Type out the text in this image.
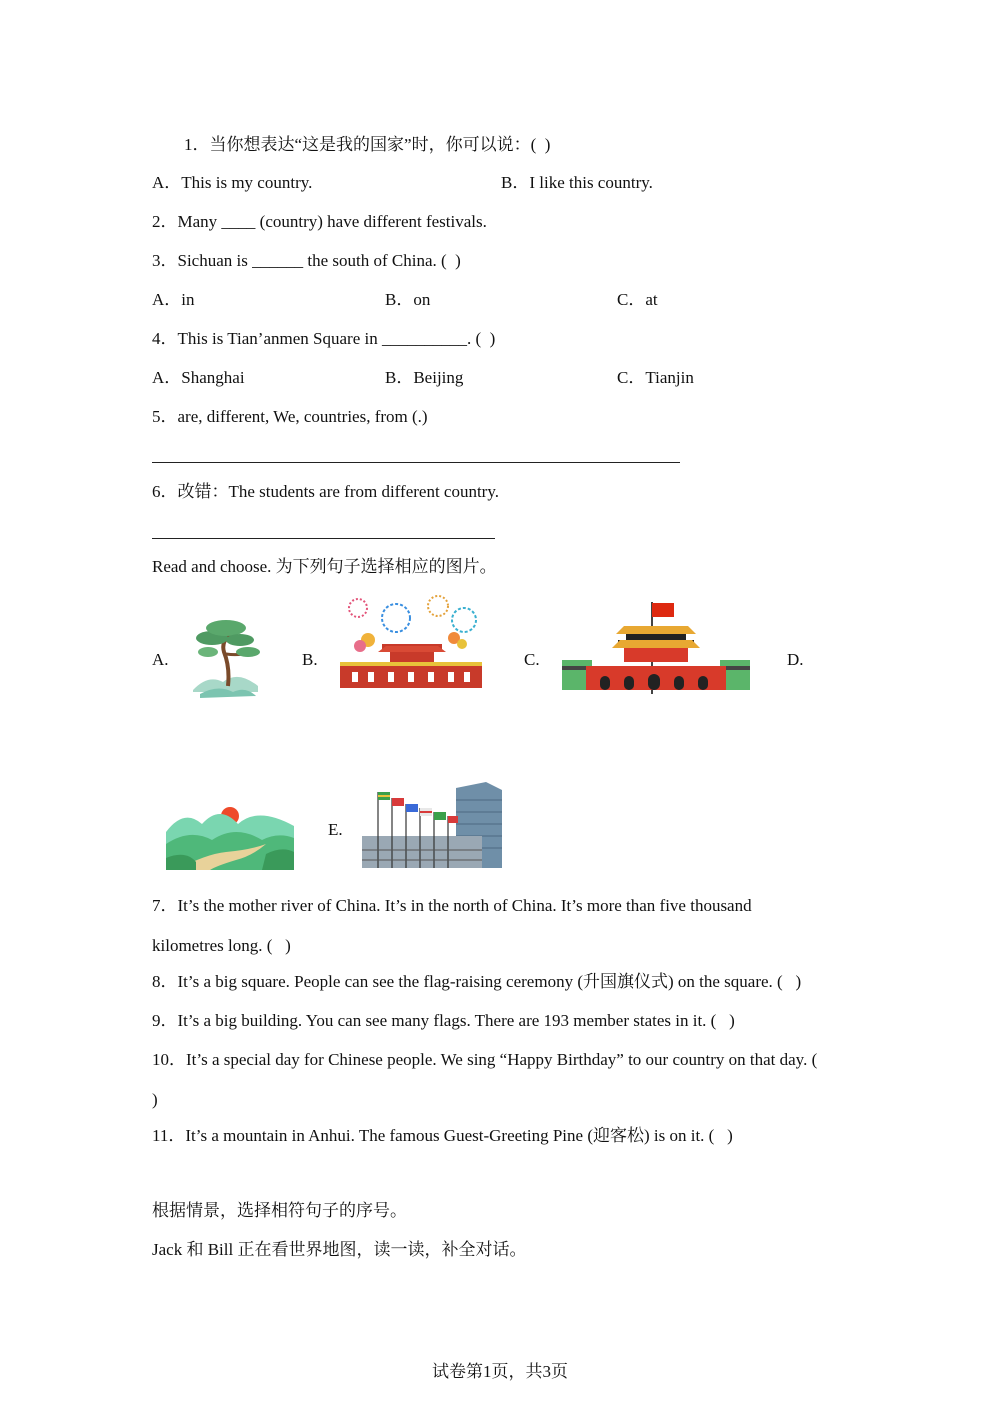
1．当你想表达“这是我的国家”时，你可以说：(  )
A．This is my country.	B．I like this country.
2．Many ____ (country) have different festivals.
3．Sichuan is ______ the south of China. (  )
A．in	B．on	C．at
4．This is Tian’anmen Square in __________. (  )
A．Shanghai	B．Beijing	C．Tianjin
5．are, different, We, countries, from (.)
6．改错：The students are from different country.
Read and choose. 为下列句子选择相应的图片。
A.	B.	C.	D.
E.
7．It’s the mother river of China. It’s in the north of China. It’s more than five thousand
kilometres long. (   )
8．It’s a big square. People can see the flag-raising ceremony (升国旗仪式) on the square. (   )
9．It’s a big building. You can see many flags. There are 193 member states in it. (   )
10．It’s a special day for Chinese people. We sing “Happy Birthday” to our country on that day. (
)
11．It’s a mountain in Anhui. The famous Guest-Greeting Pine (迎客松) is on it. (   )
根据情景，选择相符句子的序号。
Jack 和 Bill 正在看世界地图，读一读，补全对话。
试卷第1页，共3页
